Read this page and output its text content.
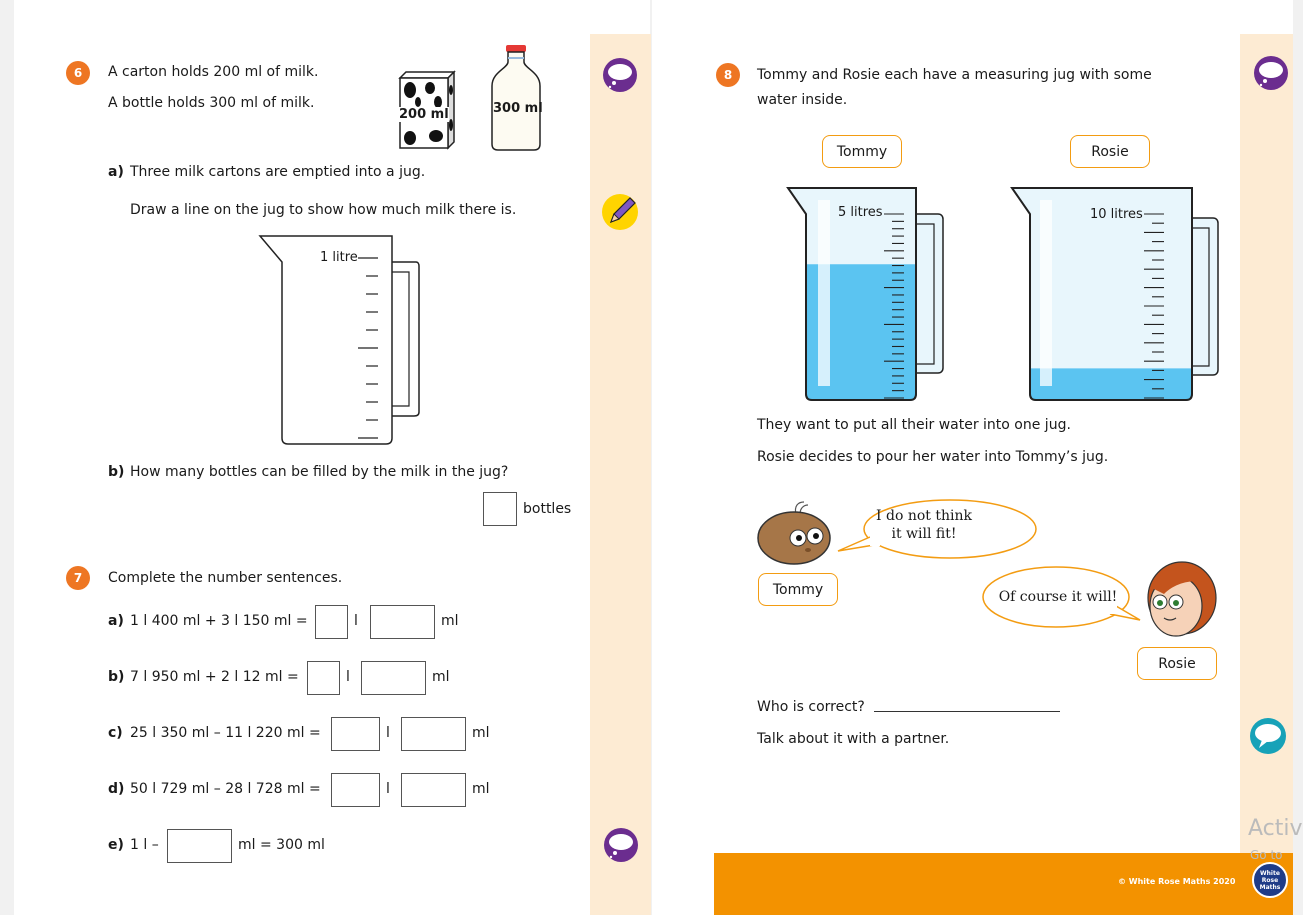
6	A carton holds 200 ml of milk.
A bottle holds 300 ml of milk.
200 ml	300 ml
a) Three milk cartons are emptied into a jug.
Draw a line on the jug to show how much milk there is.
1 litre
b) How many bottles can be filled by the milk in the jug?
bottles
7	Complete the number sentences.
a) 1 l 400 ml + 3 l 150 ml =	l	ml
b) 7 l 950 ml + 2 l 12 ml =	l	ml
c) 25 l 350 ml – 11 l 220 ml =	l	ml
d) 50 l 729 ml – 28 l 728 ml =	l	ml
e) 1 l –	ml = 300 ml
8	Tommy and Rosie each have a measuring jug with some
water inside.
Tommy	Rosie
5 litres	10 litres
They want to put all their water into one jug.
Rosie decides to pour her water into Tommy’s jug.
I do not think
it will fit!
Tommy	Of course it will!
Rosie
Who is correct?
Talk about it with a partner.
© White Rose Maths 2020
White
Rose
Maths
Activ
Go to
